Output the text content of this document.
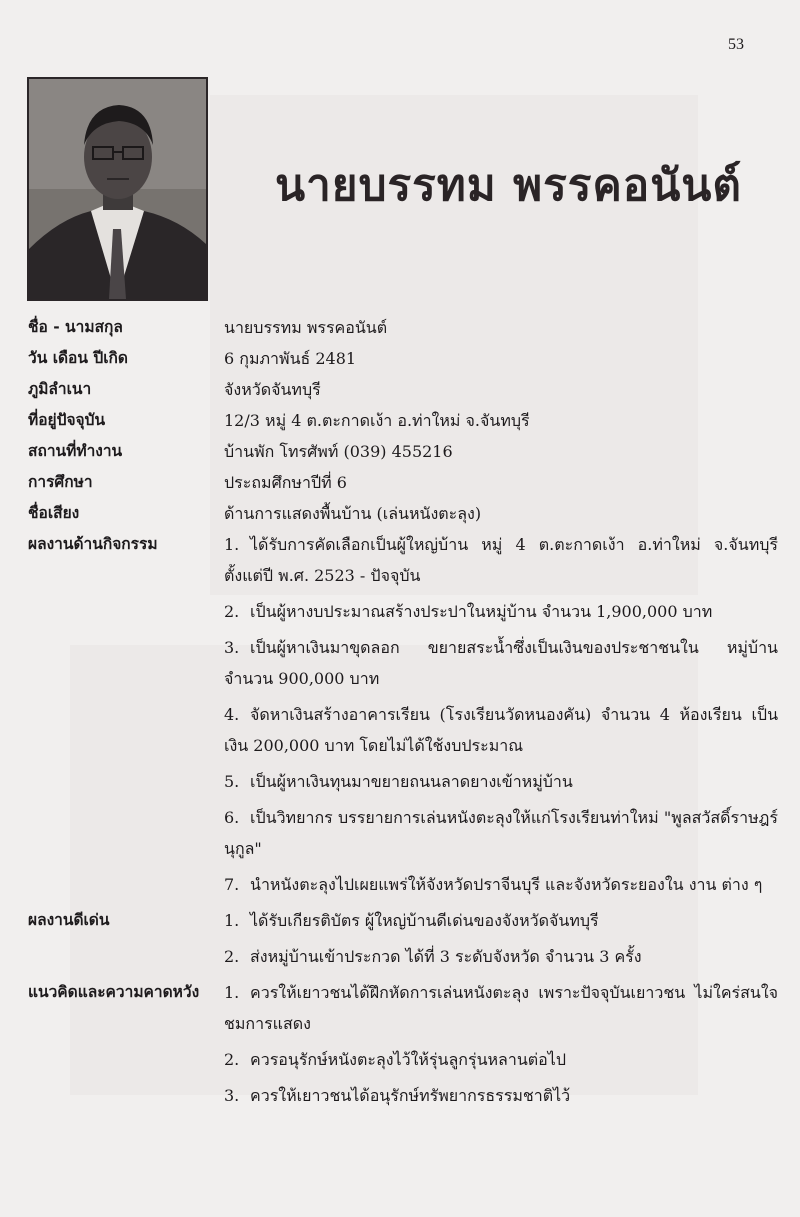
53
นายบรรทม พรรคอนันต์
ชื่อ - นามสกุล	นายบรรทม พรรคอนันต์
วัน เดือน ปีเกิด	6 กุมภาพันธ์ 2481
ภูมิลำเนา	จังหวัดจันทบุรี
ที่อยู่ปัจจุบัน	12/3 หมู่ 4 ต.ตะกาดเง้า อ.ท่าใหม่ จ.จันทบุรี
สถานที่ทำงาน	บ้านพัก โทรศัพท์ (039) 455216
การศึกษา	ประถมศึกษาปีที่ 6
ชื่อเสียง	ด้านการแสดงพื้นบ้าน (เล่นหนังตะลุง)
ผลงานด้านกิจกรรม	1. ได้รับการคัดเลือกเป็นผู้ใหญ่บ้าน หมู่ 4 ต.ตะกาดเง้า อ.ท่าใหม่ จ.จันทบุรี ตั้งแต่ปี พ.ศ. 2523 - ปัจจุบัน
2. เป็นผู้หางบประมาณสร้างประปาในหมู่บ้าน จำนวน 1,900,000 บาท
3. เป็นผู้หาเงินมาขุดลอก ขยายสระน้ำซึ่งเป็นเงินของประชาชนใน หมู่บ้าน จำนวน 900,000 บาท
4. จัดหาเงินสร้างอาคารเรียน (โรงเรียนวัดหนองคัน) จำนวน 4 ห้องเรียน เป็นเงิน 200,000 บาท โดยไม่ได้ใช้งบประมาณ
5. เป็นผู้หาเงินทุนมาขยายถนนลาดยางเข้าหมู่บ้าน
6. เป็นวิทยากร บรรยายการเล่นหนังตะลุงให้แก่โรงเรียนท่าใหม่ "พูลสวัสดิ์ราษฎร์นุกูล"
7. นำหนังตะลุงไปเผยแพร่ให้จังหวัดปราจีนบุรี และจังหวัดระยองใน งาน ต่าง ๆ
ผลงานดีเด่น	1. ได้รับเกียรติบัตร ผู้ใหญ่บ้านดีเด่นของจังหวัดจันทบุรี
2. ส่งหมู่บ้านเข้าประกวด ได้ที่ 3 ระดับจังหวัด จำนวน 3 ครั้ง
แนวคิดและความคาดหวัง	1. ควรให้เยาวชนได้ฝึกหัดการเล่นหนังตะลุง เพราะปัจจุบันเยาวชน ไม่ใคร่สนใจชมการแสดง
2. ควรอนุรักษ์หนังตะลุงไว้ให้รุ่นลูกรุ่นหลานต่อไป
3. ควรให้เยาวชนได้อนุรักษ์ทรัพยากรธรรมชาติไว้
